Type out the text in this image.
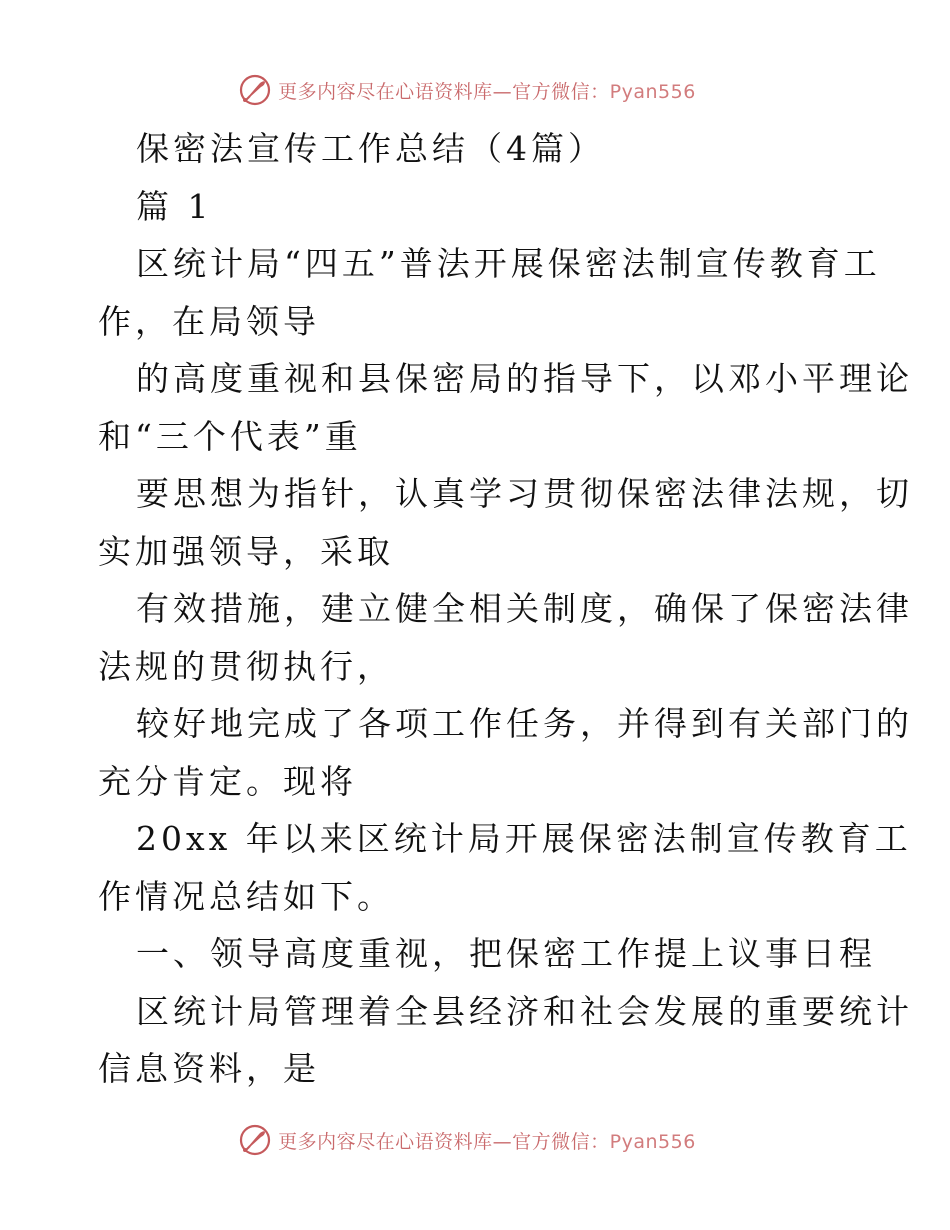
更多内容尽在心语资料库—官方微信：Pyan556
保密法宣传工作总结（4篇）
篇 1
区统计局“四五”普法开展保密法制宣传教育工
作，在局领导
的高度重视和县保密局的指导下，以邓小平理论
和“三个代表”重
要思想为指针，认真学习贯彻保密法律法规，切
实加强领导，采取
有效措施，建立健全相关制度，确保了保密法律
法规的贯彻执行，
较好地完成了各项工作任务，并得到有关部门的
充分肯定。现将
20xx 年以来区统计局开展保密法制宣传教育工
作情况总结如下。
一、领导高度重视，把保密工作提上议事日程
区统计局管理着全县经济和社会发展的重要统计
信息资料，是
更多内容尽在心语资料库—官方微信：Pyan556
